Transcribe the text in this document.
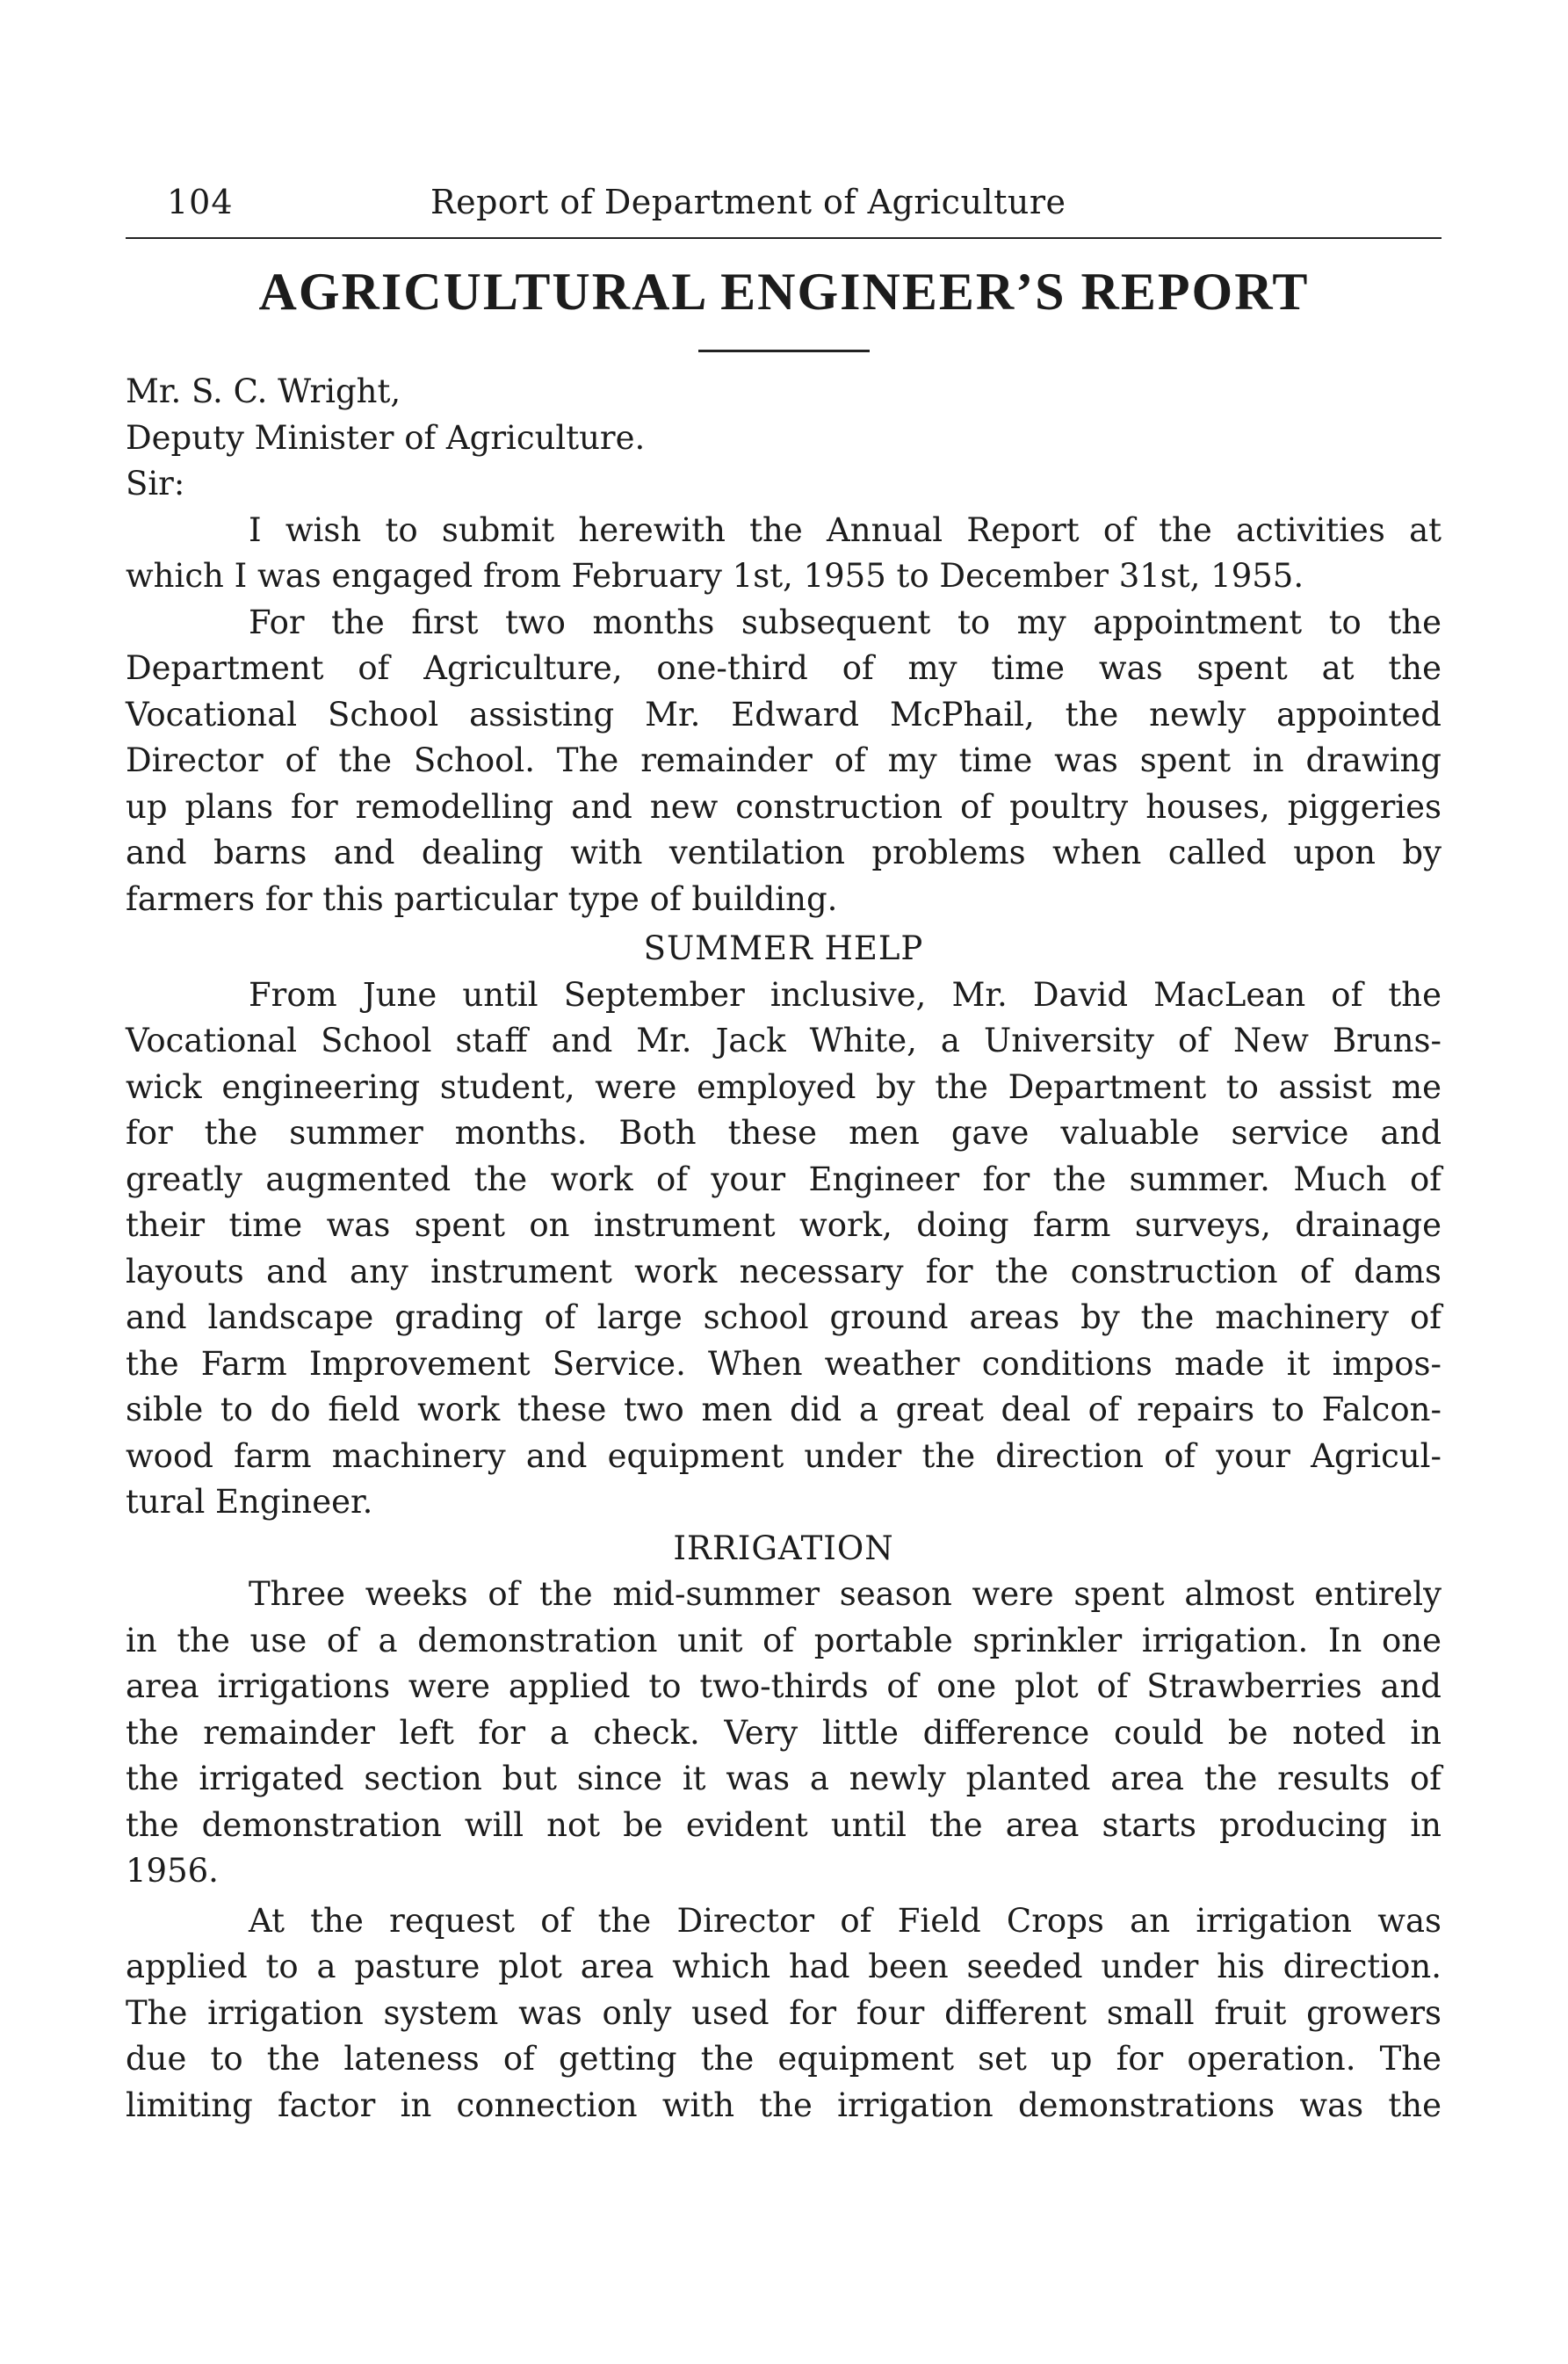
104	Report of Department of Agriculture
AGRICULTURAL ENGINEER’S REPORT
Mr. S. C. Wright,
Deputy Minister of Agriculture.
Sir:
I wish to submit herewith the Annual Report of the activities at
which I was engaged from February 1st, 1955 to December 31st, 1955.
For the first two months subsequent to my appointment to the
Department of Agriculture, one-third of my time was spent at the
Vocational School assisting Mr. Edward McPhail, the newly appointed
Director of the School. The remainder of my time was spent in drawing
up plans for remodelling and new construction of poultry houses, piggeries
and barns and dealing with ventilation problems when called upon by
farmers for this particular type of building.
SUMMER HELP
From June until September inclusive, Mr. David MacLean of the
Vocational School staff and Mr. Jack White, a University of New Bruns-
wick engineering student, were employed by the Department to assist me
for the summer months. Both these men gave valuable service and
greatly augmented the work of your Engineer for the summer. Much of
their time was spent on instrument work, doing farm surveys, drainage
layouts and any instrument work necessary for the construction of dams
and landscape grading of large school ground areas by the machinery of
the Farm Improvement Service. When weather conditions made it impos-
sible to do field work these two men did a great deal of repairs to Falcon-
wood farm machinery and equipment under the direction of your Agricul-
tural Engineer.
IRRIGATION
Three weeks of the mid-summer season were spent almost entirely
in the use of a demonstration unit of portable sprinkler irrigation. In one
area irrigations were applied to two-thirds of one plot of Strawberries and
the remainder left for a check. Very little difference could be noted in
the irrigated section but since it was a newly planted area the results of
the demonstration will not be evident until the area starts producing in
1956.
At the request of the Director of Field Crops an irrigation was
applied to a pasture plot area which had been seeded under his direction.
The irrigation system was only used for four different small fruit growers
due to the lateness of getting the equipment set up for operation. The
limiting factor in connection with the irrigation demonstrations was the
